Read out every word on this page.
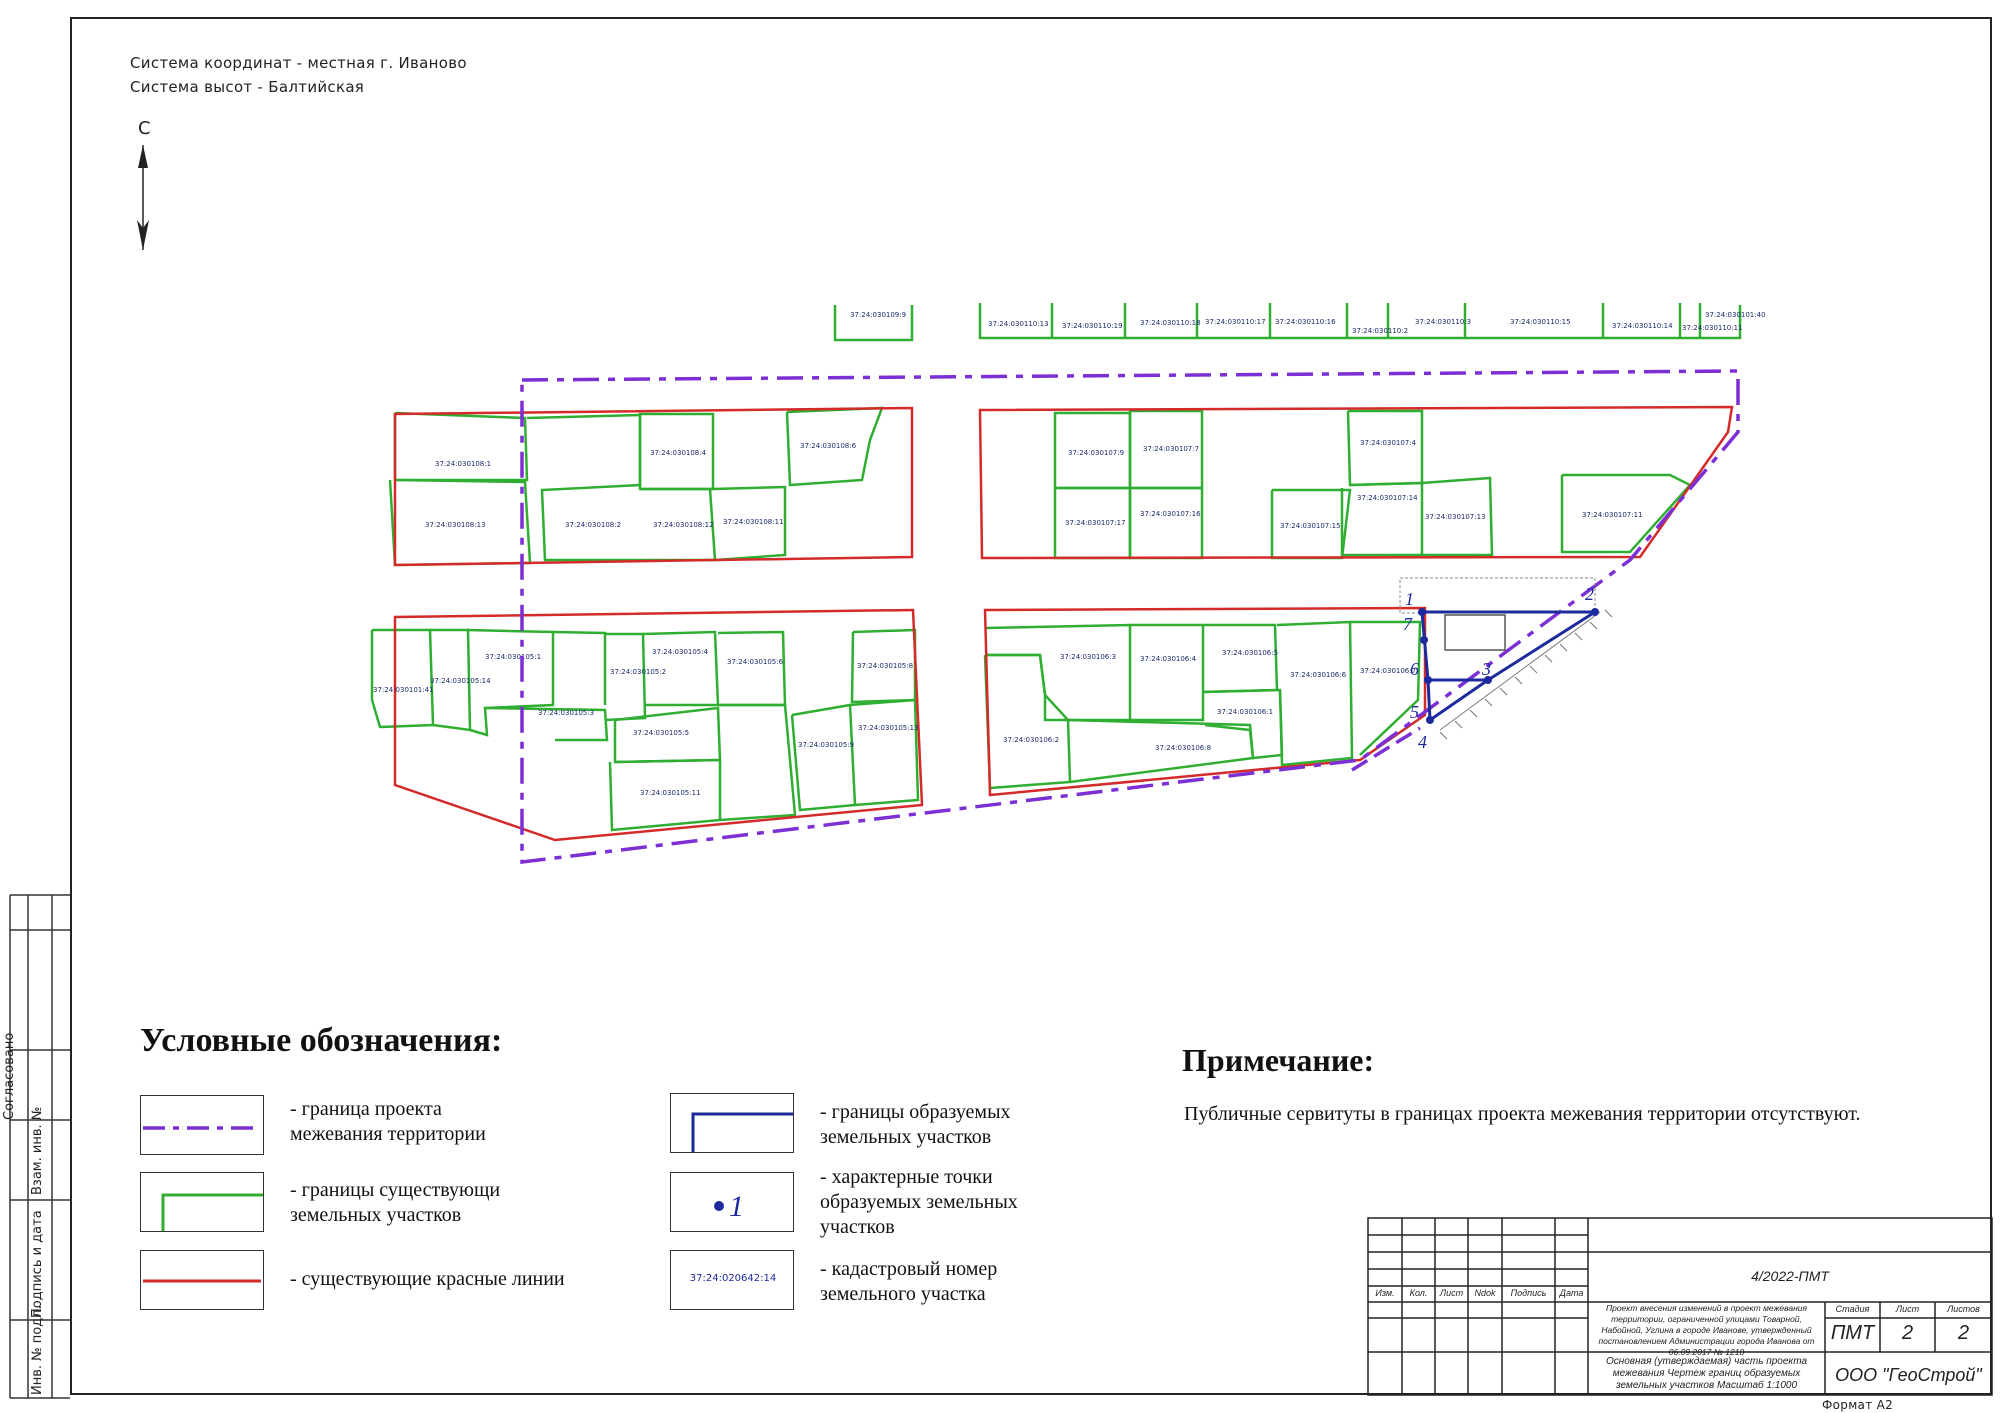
Система координат - местная г. Иваново
Система высот - Балтийская
С
37:24:030109:9
37:24:030110:13 37:24:030110:19 37:24:030110:18 37:24:030110:17 37:24:030110:16
37:24:030110:2
37:24:030110:3	37:24:030110:15	37:24:030110:14 37:24:030110:11
37:24:030101:40
37:24:030108:1
37:24:030108:4
37:24:030108:6
37:24:030108:13	37:24:030108:2	37:24:030108:12 37:24:030108:11
37:24:030107:9	37:24:030107:7
37:24:030107:4
37:24:030107:17
37:24:030107:16
37:24:030107:15
37:24:030107:14
37:24:030107:13	37:24:030107:11
37:24:030105:1
37:24:030105:14
37:24:030101:41
37:24:030105:4
37:24:030105:2
37:24:030105:6	37:24:030105:8
37:24:030105:3
37:24:030105:5
37:24:030105:9
37:24:030105:13
37:24:030105:11
37:24:030106:3	37:24:030106:4
37:24:030106:5
37:24:030106:6 37:24:030106:7
37:24:030106:1
37:24:030106:2
37:24:030106:8
1	2
3
4
5
6
7
Условные обозначения:
- граница проекта
межевания территории
- границы существующи
земельных участков
- существующие красные линии
- границы образуемых
земельных участков
1
- характерные точки
образуемых земельных
участков
37:24:020642:14	- кадастровый номер
земельного участка
Примечание:
Публичные сервитуты в границах проекта межевания территории отсутствуют.
Согласовано
Взам. инв. №
Подпись и дата
Инв. № подл.
Изм.	Кол.	Лист	Ndok	Подпись	Дата
4/2022-ПМТ
Проект внесения изменений в проект межевания территории, ограниченной улицами Товарной, Набойной, Углина в городе Иванове, утвержденный постановлением Администрации города Иванова от 06.09.2017 № 1218
Стадия	Лист	Листов
ПМТ	2	2
Основная (утверждаемая) часть проекта межевания Чертеж границ образуемых земельных участков Масштаб 1:1000
ООО "ГеоСтрой"
Формат А2
